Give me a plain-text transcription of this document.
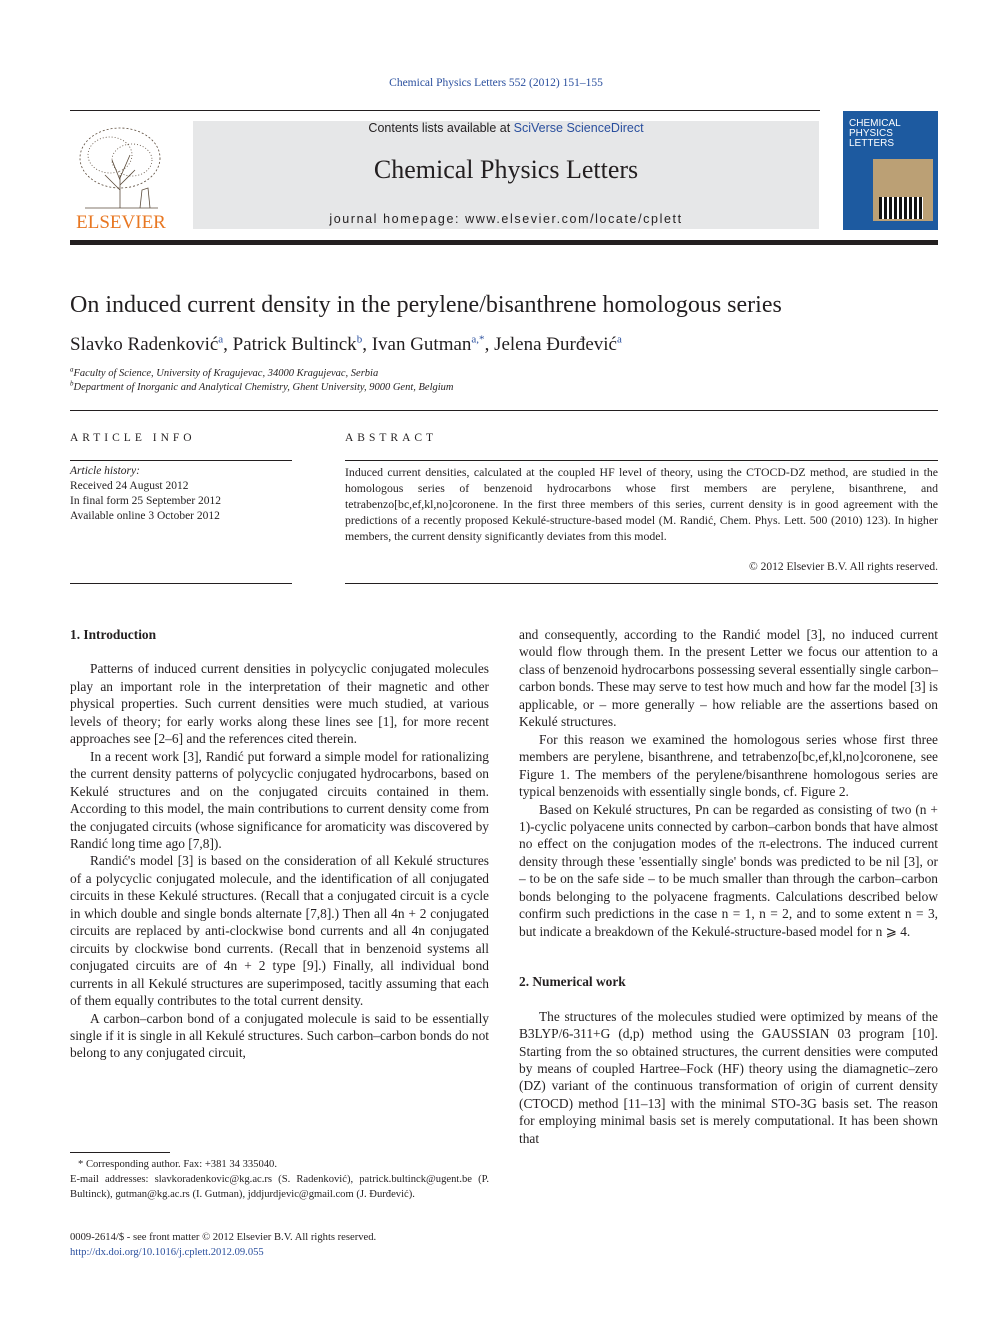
Chemical Physics Letters 552 (2012) 151–155
ELSEVIER
Contents lists available at SciVerse ScienceDirect
Chemical Physics Letters
journal homepage: www.elsevier.com/locate/cplett
CHEMICAL
PHYSICS
LETTERS
On induced current density in the perylene/bisanthrene homologous series
Slavko Radenković$^a$, Patrick Bultinck$^b$, Ivan Gutman$^{a,*}$, Jelena Đurđević$^a$
$^a$Faculty of Science, University of Kragujevac, 34000 Kragujevac, Serbia
$^b$Department of Inorganic and Analytical Chemistry, Ghent University, 9000 Gent, Belgium
ARTICLE INFO
Article history:
Received 24 August 2012
In final form 25 September 2012
Available online 3 October 2012
ABSTRACT
Induced current densities, calculated at the coupled HF level of theory, using the CTOCD-DZ method, are studied in the homologous series of benzenoid hydrocarbons whose first members are perylene, bisanthrene, and tetrabenzo[bc,ef,kl,no]coronene. In the first three members of this series, current density is in good agreement with the predictions of a recently proposed Kekulé-structure-based model (M. Randić, Chem. Phys. Lett. 500 (2010) 123). In higher members, the current density significantly deviates from this model.
© 2012 Elsevier B.V. All rights reserved.
1. Introduction

Patterns of induced current densities in polycyclic conjugated molecules play an important role in the interpretation of their magnetic and other physical properties. Such current densities were much studied, at various levels of theory; for early works along these lines see [1], for more recent approaches see [2–6] and the references cited therein.

In a recent work [3], Randić put forward a simple model for rationalizing the current density patterns of polycyclic conjugated hydrocarbons, based on Kekulé structures and on the conjugated circuits contained in them. According to this model, the main contributions to current density come from the conjugated circuits (whose significance for aromaticity was discovered by Randić long time ago [7,8]).

Randić's model [3] is based on the consideration of all Kekulé structures of a polycyclic conjugated molecule, and the identification of all conjugated circuits in these Kekulé structures. (Recall that a conjugated circuit is a cycle in which double and single bonds alternate [7,8].) Then all 4n + 2 conjugated circuits are replaced by anti-clockwise bond currents and all 4n conjugated circuits by clockwise bond currents. (Recall that in benzenoid systems all conjugated circuits are of 4n + 2 type [9].) Finally, all individual bond currents in all Kekulé structures are superimposed, tacitly assuming that each of them equally contributes to the total current density.

A carbon–carbon bond of a conjugated molecule is said to be essentially single if it is single in all Kekulé structures. Such carbon–carbon bonds do not belong to any conjugated circuit,

* Corresponding author. Fax: +381 34 335040.
E-mail addresses: slavkoradenkovic@kg.ac.rs (S. Radenković), patrick.bultinck@ugent.be (P. Bultinck), gutman@kg.ac.rs (I. Gutman), jddjurdjevic@gmail.com (J. Đurđević).
0009-2614/$ - see front matter © 2012 Elsevier B.V. All rights reserved.
http://dx.doi.org/10.1016/j.cplett.2012.09.055

and consequently, according to the Randić model [3], no induced current would flow through them. In the present Letter we focus our attention to a class of benzenoid hydrocarbons possessing several essentially single carbon–carbon bonds. These may serve to test how much and how far the model [3] is applicable, or – more generally – how reliable are the assertions based on Kekulé structures.

For this reason we examined the homologous series whose first three members are perylene, bisanthrene, and tetrabenzo[bc,ef,kl,no]coronene, see Figure 1. The members of the perylene/bisanthrene homologous series are typical benzenoids with essentially single bonds, cf. Figure 2.

Based on Kekulé structures, Pn can be regarded as consisting of two (n + 1)-cyclic polyacene units connected by carbon–carbon bonds that have almost no effect on the conjugation modes of the π-electrons. The induced current density through these 'essentially single' bonds was predicted to be nil [3], or – to be on the safe side – to be much smaller than through the carbon–carbon bonds belonging to the polyacene fragments. Calculations described below confirm such predictions in the case n = 1, n = 2, and to some extent n = 3, but indicate a breakdown of the Kekulé-structure-based model for n ⩾ 4.

2. Numerical work

The structures of the molecules studied were optimized by means of the B3LYP/6-311+G (d,p) method using the GAUSSIAN 03 program [10]. Starting from the so obtained structures, the current densities were computed by means of coupled Hartree–Fock (HF) theory using the diamagnetic–zero (DZ) variant of the continuous transformation of origin of current density (CTOCD) method [11–13] with the minimal STO-3G basis set. The reason for employing minimal basis set is merely computational. It has been shown that
